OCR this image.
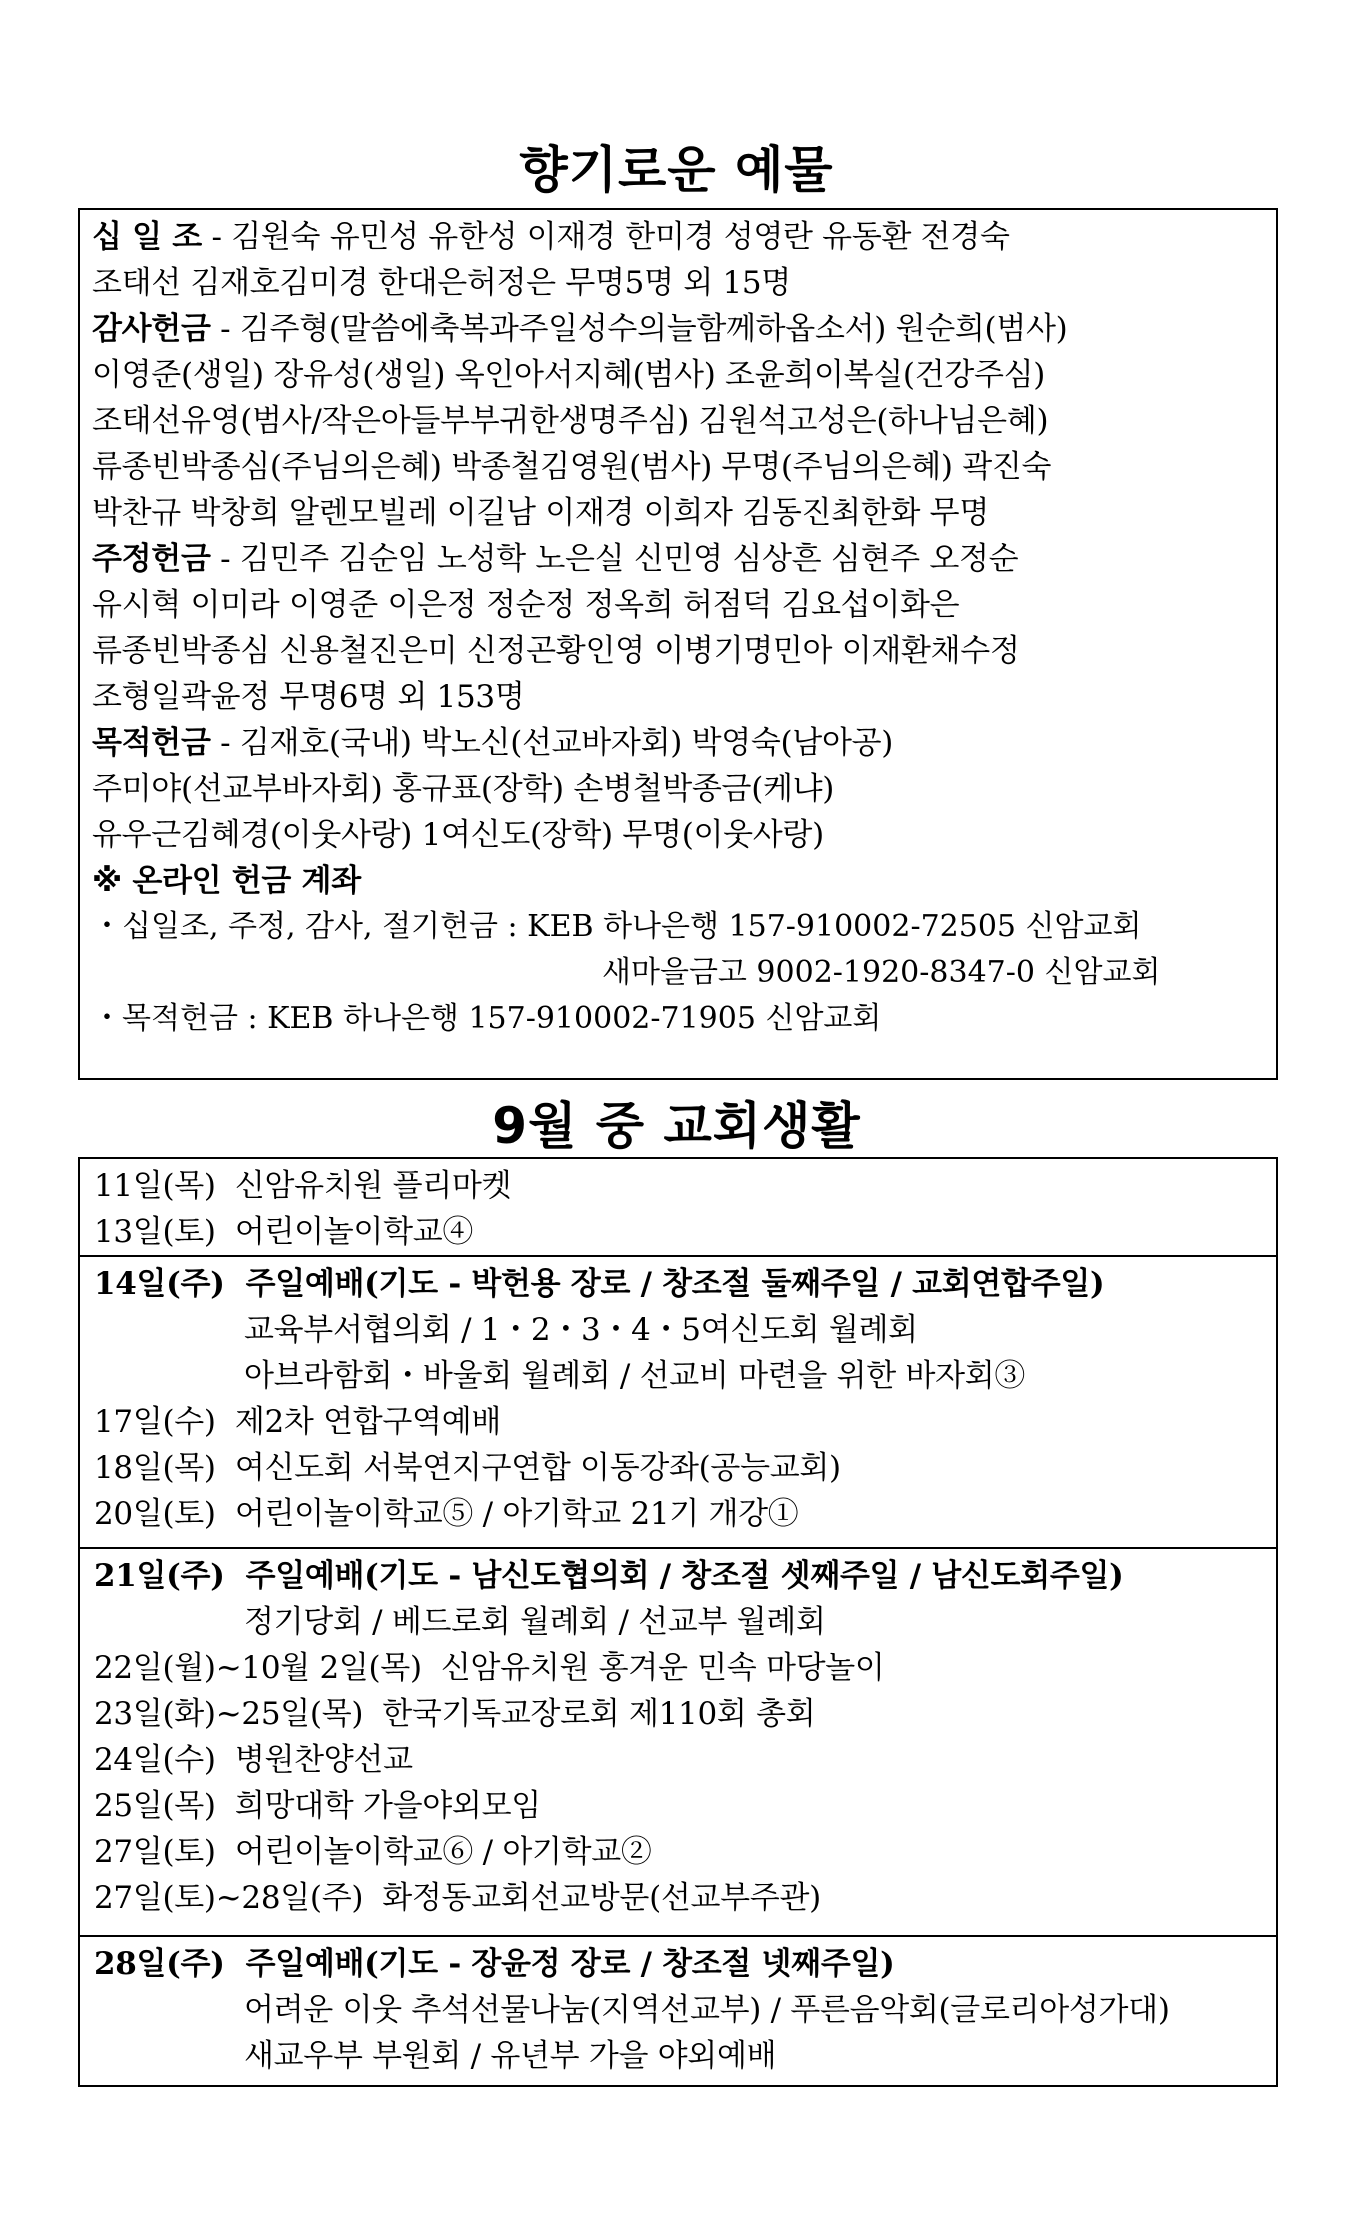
향기로운 예물
십 일 조 - 김원숙 유민성 유한성 이재경 한미경 성영란 유동환 전경숙
조태선 김재호김미경 한대은허정은 무명5명 외 15명
감사헌금 - 김주형(말씀에축복과주일성수의늘함께하옵소서) 원순희(범사)
이영준(생일) 장유성(생일) 옥인아서지혜(범사) 조윤희이복실(건강주심)
조태선유영(범사/작은아들부부귀한생명주심) 김원석고성은(하나님은혜)
류종빈박종심(주님의은혜) 박종철김영원(범사) 무명(주님의은혜) 곽진숙
박찬규 박창희 알렌모빌레 이길남 이재경 이희자 김동진최한화 무명
주정헌금 - 김민주 김순임 노성학 노은실 신민영 심상흔 심현주 오정순
유시혁 이미라 이영준 이은정 정순정 정옥희 허점덕 김요섭이화은
류종빈박종심 신용철진은미 신정곤황인영 이병기명민아 이재환채수정
조형일곽윤정 무명6명 외 153명
목적헌금 - 김재호(국내) 박노신(선교바자회) 박영숙(남아공)
주미야(선교부바자회) 홍규표(장학) 손병철박종금(케냐)
유우근김혜경(이웃사랑) 1여신도(장학) 무명(이웃사랑)
※ 온라인 헌금 계좌
・십일조, 주정, 감사, 절기헌금 : KEB 하나은행 157-910002-72505 신암교회
새마을금고 9002-1920-8347-0 신암교회
・목적헌금 : KEB 하나은행 157-910002-71905 신암교회
9월 중 교회생활
11일(목) 신암유치원 플리마켓
13일(토) 어린이놀이학교④
14일(주) 주일예배(기도 - 박헌용 장로 / 창조절 둘째주일 / 교회연합주일)
교육부서협의회 / 1・2・3・4・5여신도회 월례회
아브라함회・바울회 월례회 / 선교비 마련을 위한 바자회③
17일(수) 제2차 연합구역예배
18일(목) 여신도회 서북연지구연합 이동강좌(공능교회)
20일(토) 어린이놀이학교⑤ / 아기학교 21기 개강①
21일(주) 주일예배(기도 - 남신도협의회 / 창조절 셋째주일 / 남신도회주일)
정기당회 / 베드로회 월례회 / 선교부 월례회
22일(월)~10월 2일(목) 신암유치원 홍겨운 민속 마당놀이
23일(화)~25일(목) 한국기독교장로회 제110회 총회
24일(수) 병원찬양선교
25일(목) 희망대학 가을야외모임
27일(토) 어린이놀이학교⑥ / 아기학교②
27일(토)~28일(주) 화정동교회선교방문(선교부주관)
28일(주) 주일예배(기도 - 장윤정 장로 / 창조절 넷째주일)
어려운 이웃 추석선물나눔(지역선교부) / 푸른음악회(글로리아성가대)
새교우부 부원회 / 유년부 가을 야외예배
